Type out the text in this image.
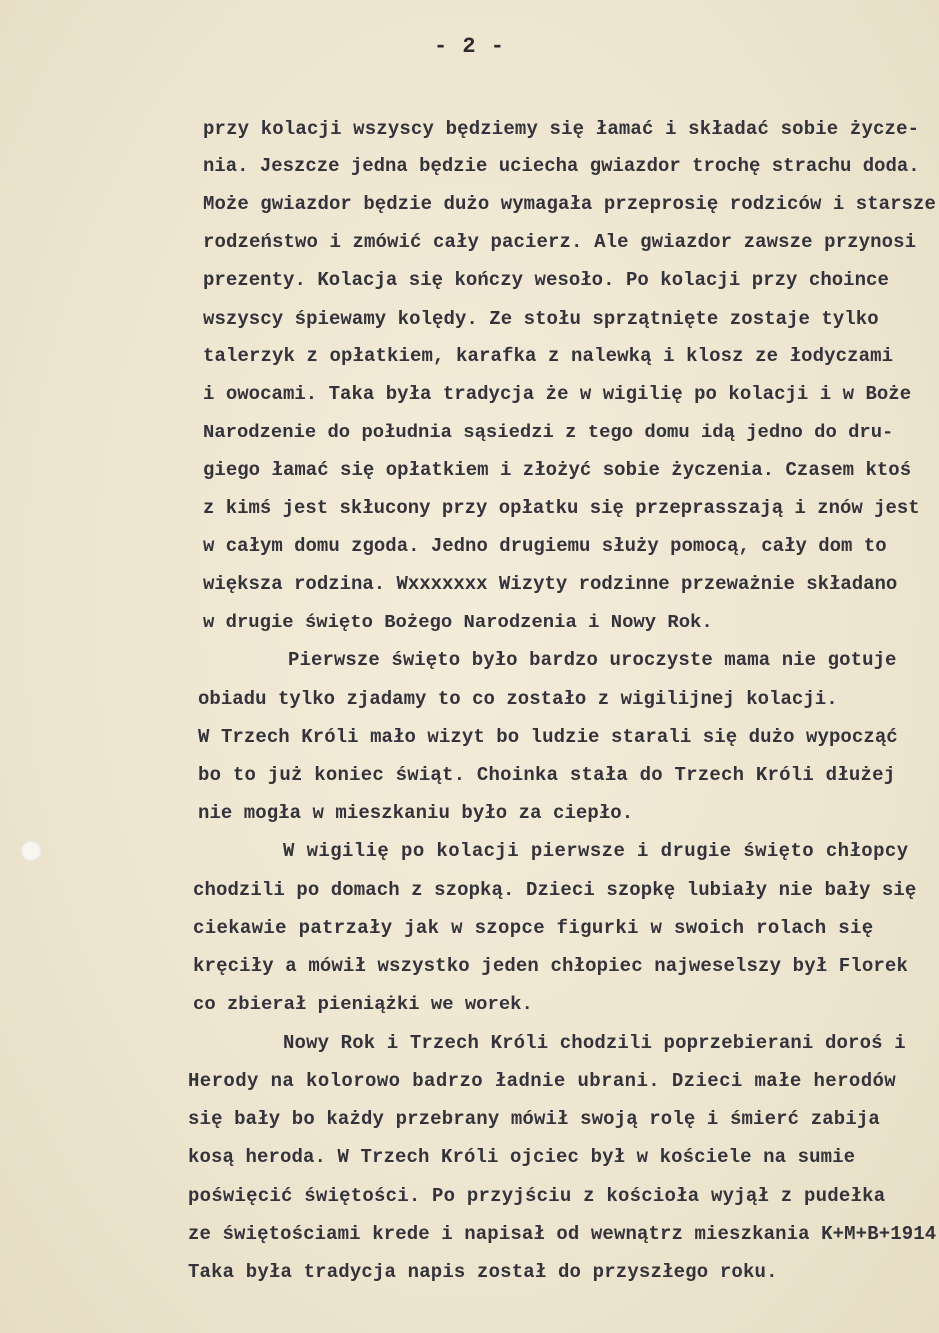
- 2 -
przy kolacji wszyscy będziemy się łamać i składać sobie życze-
nia. Jeszcze jedna będzie uciecha gwiazdor trochę strachu doda.
Może gwiazdor będzie dużo wymagała przeprosię rodziców i starsze
rodzeństwo i zmówić cały pacierz. Ale gwiazdor zawsze przynosi
prezenty. Kolacja się kończy wesoło. Po kolacji przy choince
wszyscy śpiewamy kolędy. Ze stołu sprzątnięte zostaje tylko
talerzyk z opłatkiem, karafka z nalewką i klosz ze łodyczami
i owocami. Taka była tradycja że w wigilię po kolacji i w Boże
Narodzenie do południa sąsiedzi z tego domu idą jedno do dru-
giego łamać się opłatkiem i złożyć sobie życzenia. Czasem ktoś
z kimś jest skłucony przy opłatku się przeprasszają i znów jest
w całym domu zgoda. Jedno drugiemu służy pomocą, cały dom to
większa rodzina. Wxxxxxxx Wizyty rodzinne przeważnie składano
w drugie święto Bożego Narodzenia i Nowy Rok.
Pierwsze święto było bardzo uroczyste mama nie gotuje
obiadu tylko zjadamy to co zostało z wigilijnej kolacji.
W Trzech Króli mało wizyt bo ludzie starali się dużo wypocząć
bo to już koniec świąt. Choinka stała do Trzech Króli dłużej
nie mogła w mieszkaniu było za ciepło.
W wigilię po kolacji pierwsze i drugie święto chłopcy
chodzili po domach z szopką. Dzieci szopkę lubiały nie bały się
ciekawie patrzały jak w szopce figurki w swoich rolach się
kręciły a mówił wszystko jeden chłopiec najweselszy był Florek
co zbierał pieniążki we worek.
Nowy Rok i Trzech Króli chodzili poprzebierani doroś i
Herody na kolorowo badrzo ładnie ubrani. Dzieci małe herodów
się bały bo każdy przebrany mówił swoją rolę i śmierć zabija
kosą heroda. W Trzech Króli ojciec był w kościele na sumie
poświęcić świętości. Po przyjściu z kościoła wyjął z pudełka
ze świętościami krede i napisał od wewnątrz mieszkania K+M+B+1914
Taka była tradycja napis został do przyszłego roku.
